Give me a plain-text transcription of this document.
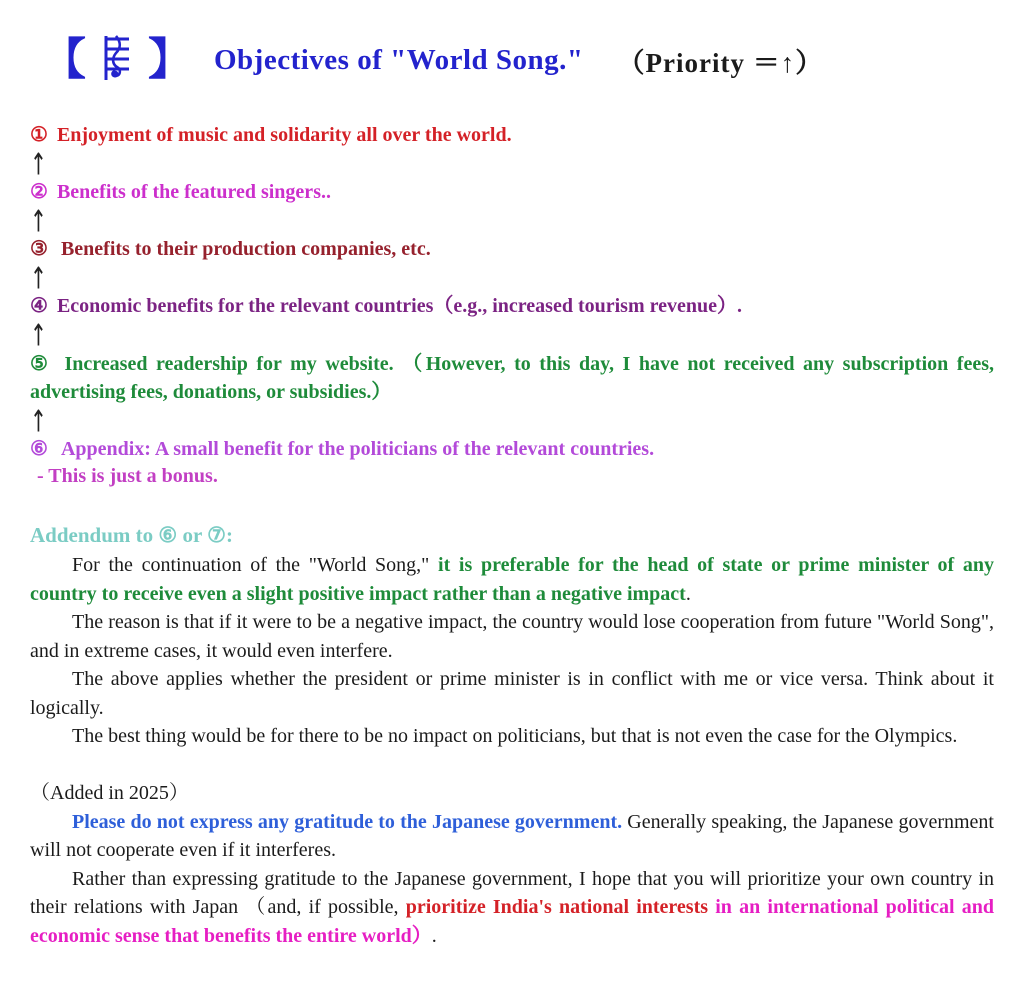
【 】 Objectives of "World Song." （Priority ＝↑）

① Enjoyment of music and solidarity all over the world.

↑

② Benefits of the featured singers..

↑

③ Benefits to their production companies, etc.

↑

④ Economic benefits for the relevant countries（e.g., increased tourism revenue）.

↑

⑤ Increased readership for my website. （However, to this day, I have not received any subscription fees, advertising fees, donations, or subsidies.）

↑

⑥ Appendix: A small benefit for the politicians of the relevant countries.

- This is just a bonus.

Addendum to ⑥ or ⑦:

For the continuation of the "World Song," it is preferable for the head of state or prime minister of any country to receive even a slight positive impact rather than a negative impact.

The reason is that if it were to be a negative impact, the country would lose cooperation from future "World Song", and in extreme cases, it would even interfere.

The above applies whether the president or prime minister is in conflict with me or vice versa. Think about it logically.

The best thing would be for there to be no impact on politicians, but that is not even the case for the Olympics.

（Added in 2025）

Please do not express any gratitude to the Japanese government. Generally speaking, the Japanese government will not cooperate even if it interferes.

Rather than expressing gratitude to the Japanese government, I hope that you will prioritize your own country in their relations with Japan （and, if possible, prioritize India's national interests in an international political and economic sense that benefits the entire world）.
